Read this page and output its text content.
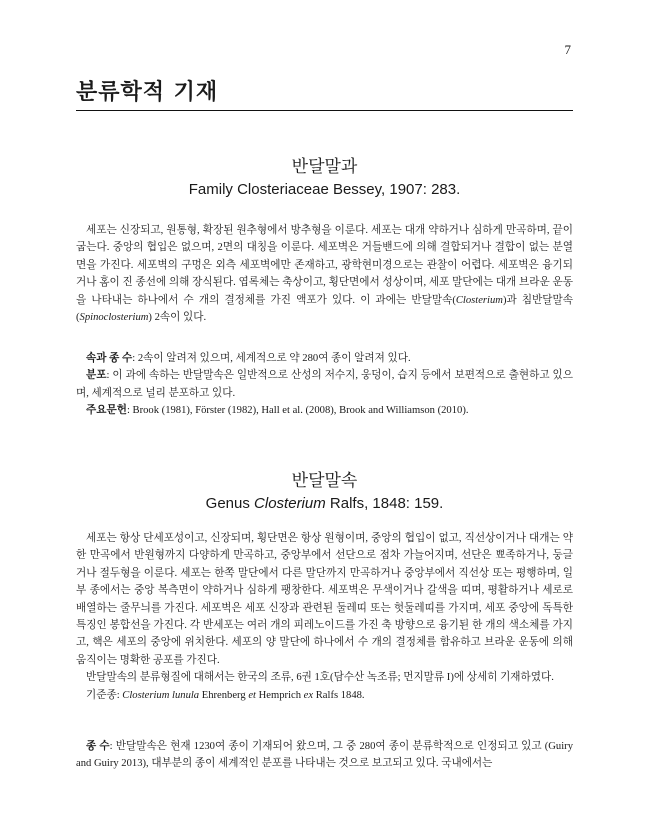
7
분류학적 기재
반달말과
Family Closteriaceae Bessey, 1907: 283.

세포는 신장되고, 원통형, 확장된 원추형에서 방추형을 이룬다. 세포는 대개 약하거나 심하게 만곡하며, 끝이 굽는다. 중앙의 협입은 없으며, 2면의 대칭을 이룬다. 세포벽은 거들밴드에 의해 결합되거나 결합이 없는 분열면을 가진다. 세포벽의 구멍은 외측 세포벽에만 존재하고, 광학현미경으로는 관찰이 어렵다. 세포벽은 융기되거나 홈이 진 종선에 의해 장식된다. 엽록체는 축상이고, 횡단면에서 성상이며, 세포 말단에는 대개 브라운 운동을 나타내는 하나에서 수 개의 결정체를 가진 액포가 있다. 이 과에는 반달말속(Closterium)과 침반달말속(Spinoclosterium) 2속이 있다.

속과 종 수: 2속이 알려져 있으며, 세계적으로 약 280여 종이 알려져 있다.

분포: 이 과에 속하는 반달말속은 일반적으로 산성의 저수지, 웅덩이, 습지 등에서 보편적으로 출현하고 있으며, 세계적으로 널리 분포하고 있다.

주요문헌: Brook (1981), Förster (1982), Hall et al. (2008), Brook and Williamson (2010).

반달말속
Genus Closterium Ralfs, 1848: 159.

세포는 항상 단세포성이고, 신장되며, 횡단면은 항상 원형이며, 중앙의 협입이 없고, 직선상이거나 대개는 약한 만곡에서 반원형까지 다양하게 만곡하고, 중앙부에서 선단으로 점차 가늘어지며, 선단은 뾰족하거나, 둥글거나 절두형을 이룬다. 세포는 한쪽 말단에서 다른 말단까지 만곡하거나 중앙부에서 직선상 또는 평행하며, 일부 종에서는 중앙 복측면이 약하거나 심하게 팽창한다. 세포벽은 무색이거나 갈색을 띠며, 평활하거나 세로로 배열하는 줄무늬를 가진다. 세포벽은 세포 신장과 관련된 둘레띠 또는 헛둘레띠를 가지며, 세포 중앙에 독특한 특징인 봉합선을 가진다. 각 반세포는 여러 개의 피레노이드를 가진 축 방향으로 융기된 한 개의 색소체를 가지고, 핵은 세포의 중앙에 위치한다. 세포의 양 말단에 하나에서 수 개의 결정체를 함유하고 브라운 운동에 의해 움직이는 명확한 공포를 가진다.

반달말속의 분류형질에 대해서는 한국의 조류, 6권 1호(담수산 녹조류; 먼지말류 I)에 상세히 기재하였다.

기준종: Closterium lunula Ehrenberg et Hemprich ex Ralfs 1848.

종 수: 반달말속은 현재 1230여 종이 기재되어 왔으며, 그 중 280여 종이 분류학적으로 인정되고 있고 (Guiry and Guiry 2013), 대부분의 종이 세계적인 분포를 나타내는 것으로 보고되고 있다. 국내에서는
